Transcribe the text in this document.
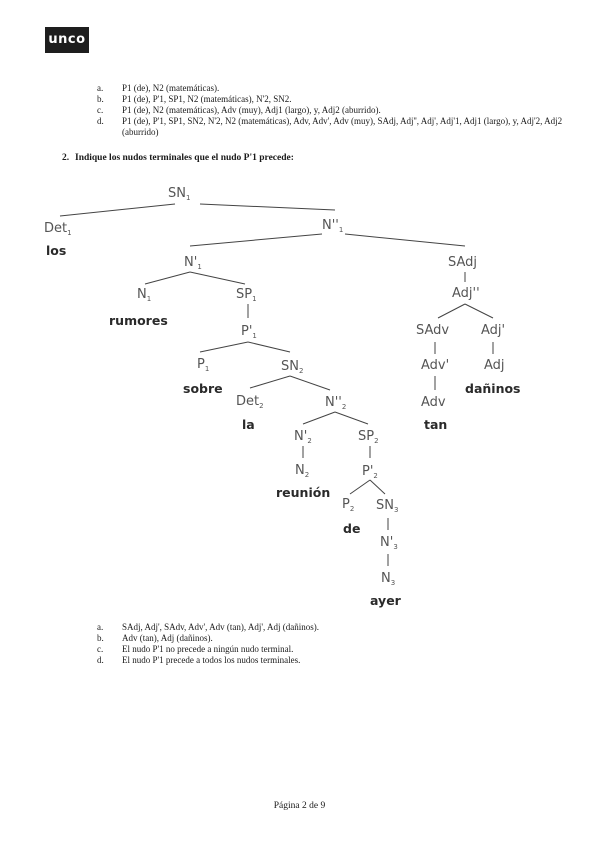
unco
a. P1 (de), N2 (matemáticas).
b. P1 (de), P'1, SP1, N2 (matemáticas), N'2, SN2.
c. P1 (de), N2 (matemáticas), Adv (muy), Adj1 (largo), y, Adj2 (aburrido).
d. P1 (de), P'1, SP1, SN2, N'2, N2 (matemáticas), Adv, Adv', Adv (muy), SAdj, Adj'', Adj', Adj'1, Adj1 (largo), y, Adj'2, Adj2 (aburrido)
2. Indique los nudos terminales que el nudo P'1 precede:
$SN_1$
Det$_1$	$N''_1$
$N'_1$	SAdj
$N_1$	$SP_1$	Adj''
$P'_1$	SAdv Adj'
$P_1$	$SN_2$	Adv'	Adj
Det$_2$	$N''_2$	Adv
$N'_2$	$SP_2$
$N_2$	$P'_2$
$P_2$ $SN_3$
$N'_3$
$N_3$
los
rumores
sobre
la
reunión
de
ayer
tan
dañinos
a. SAdj, Adj', SAdv, Adv', Adv (tan), Adj', Adj (dañinos).
b. Adv (tan), Adj (dañinos).
c. El nudo P'1 no precede a ningún nudo terminal.
d. El nudo P'1 precede a todos los nudos terminales.
Página 2 de 9
